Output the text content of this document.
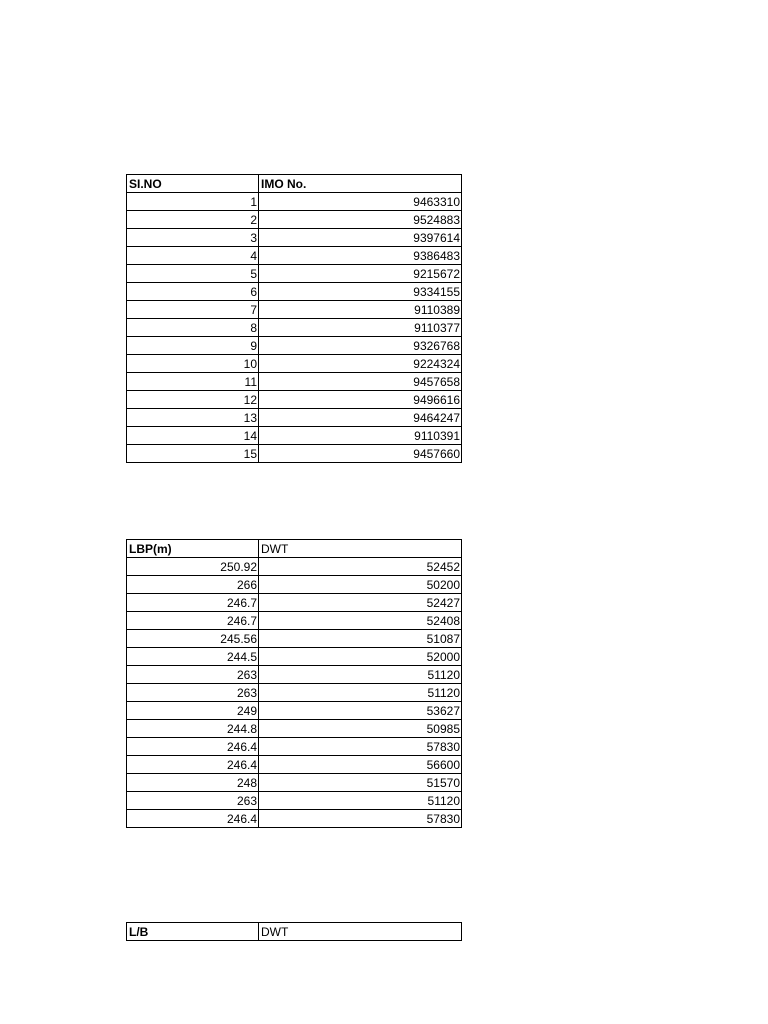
SI.NO	IMO No.
1	9463310
2	9524883
3	9397614
4	9386483
5	9215672
6	9334155
7	9110389
8	9110377
9	9326768
10	9224324
11	9457658
12	9496616
13	9464247
14	9110391
15	9457660
LBP(m)	DWT
250.92	52452
266	50200
246.7	52427
246.7	52408
245.56	51087
244.5	52000
263	51120
263	51120
249	53627
244.8	50985
246.4	57830
246.4	56600
248	51570
263	51120
246.4	57830
L/B	DWT
